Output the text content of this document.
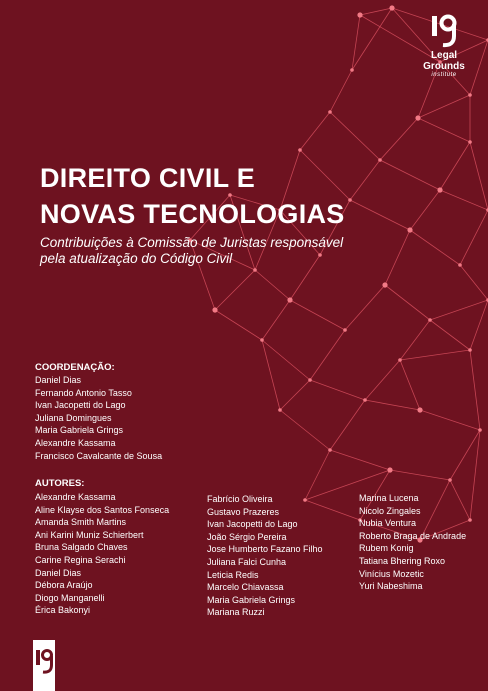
Legal
Grounds
institute
DIREITO CIVIL E
NOVAS TECNOLOGIAS
Contribuições à Comissão de Juristas responsável
pela atualização do Código Civil
COORDENAÇÃO:
Daniel Dias
Fernando Antonio Tasso
Ivan Jacopetti do Lago
Juliana Domingues
Maria Gabriela Grings
Alexandre Kassama
Francisco Cavalcante de Sousa
AUTORES:
Alexandre Kassama
Aline Klayse dos Santos Fonseca
Amanda Smith Martins
Ani Karini Muniz Schierbert
Bruna Salgado Chaves
Carine Regina Serachi
Daniel Dias
Débora Araújo
Diogo Manganelli
Érica Bakonyi
Fabrício Oliveira
Gustavo Prazeres
Ivan Jacopetti do Lago
João Sérgio Pereira
Jose Humberto Fazano Filho
Juliana Falci Cunha
Leticia Redis
Marcelo Chiavassa
Maria Gabriela Grings
Mariana Ruzzi
Marina Lucena
Nicolo Zingales
Nubia Ventura
Roberto Braga de Andrade
Rubem Konig
Tatiana Bhering Roxo
Vinícius Mozetic
Yuri Nabeshima
